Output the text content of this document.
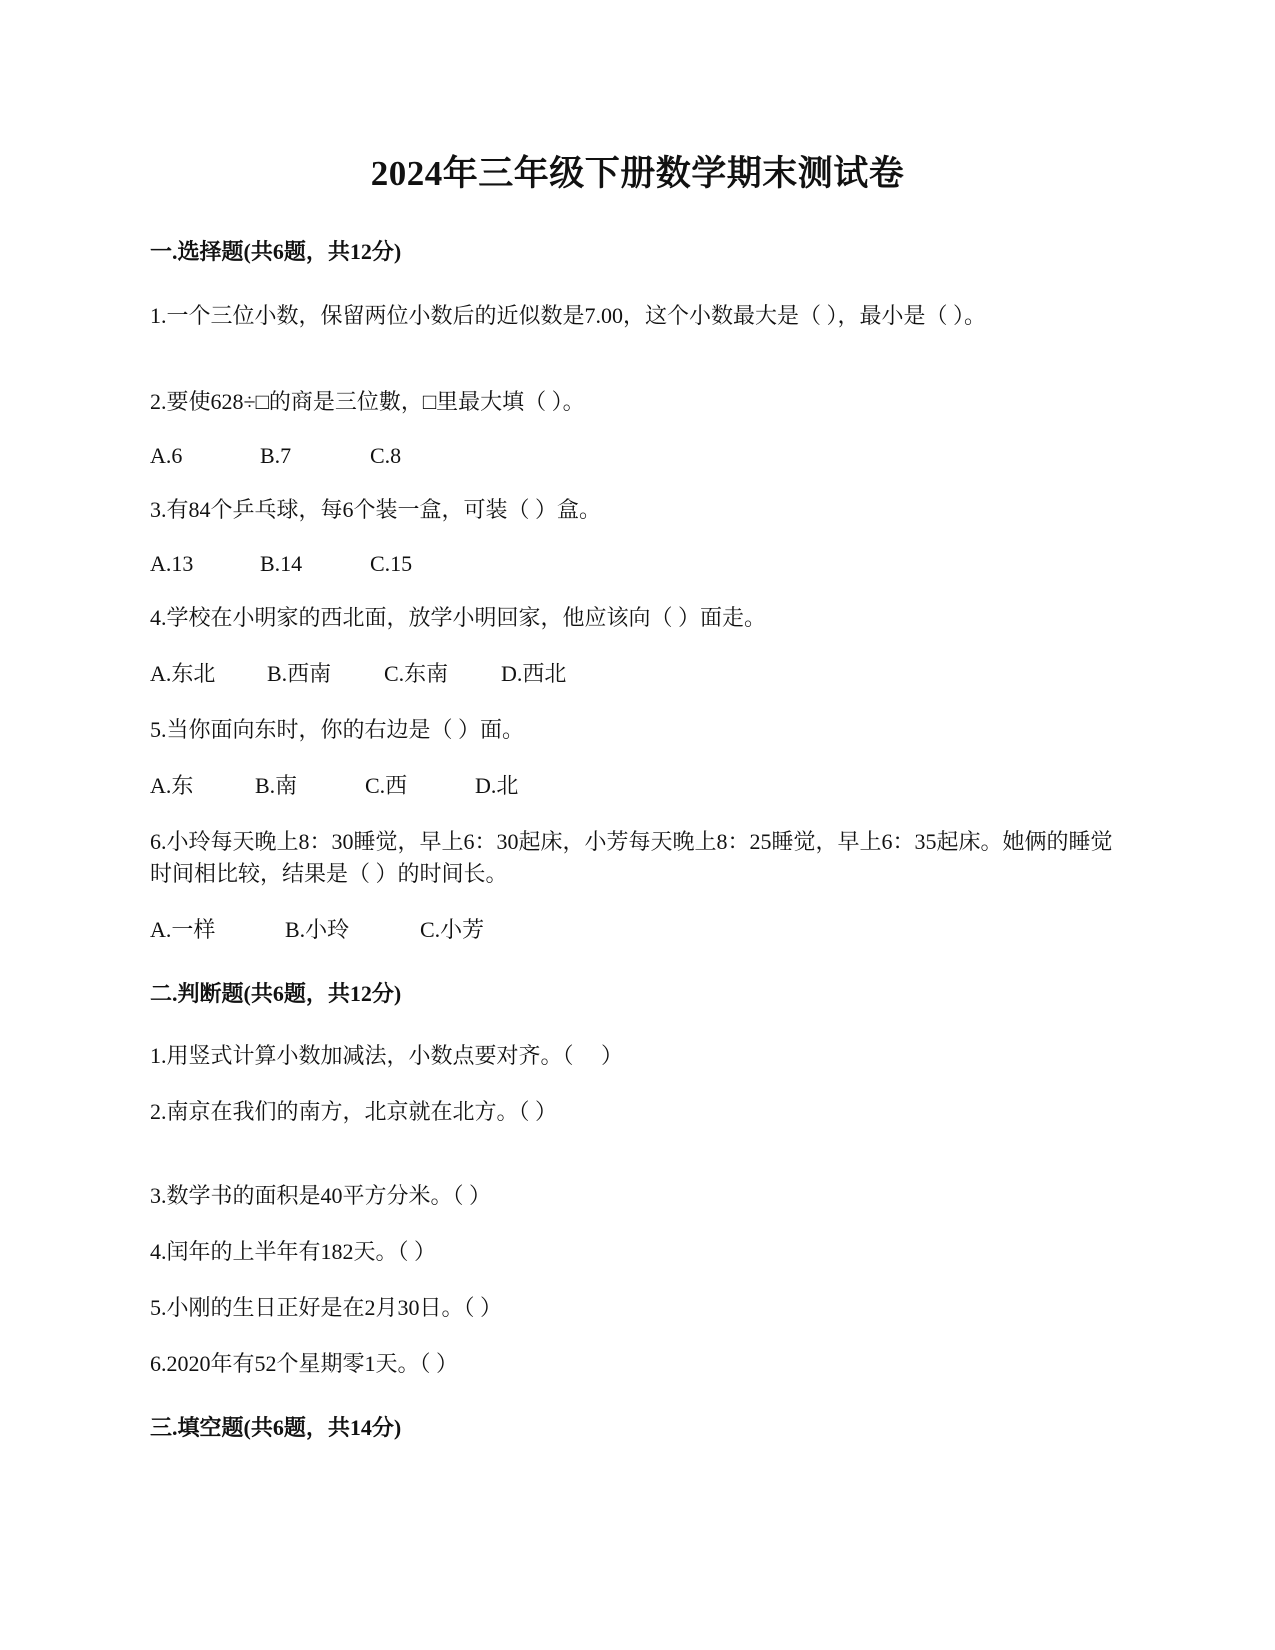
2024年三年级下册数学期末测试卷
一.选择题(共6题，共12分)
1.一个三位小数，保留两位小数后的近似数是7.00，这个小数最大是（ ），最小是（ ）。
2.要使628÷□的商是三位數，□里最大填（ ）。
A.6	B.7	C.8
3.有84个乒乓球，每6个装一盒，可装（ ）盒。
A.13	B.14	C.15
4.学校在小明家的西北面，放学小明回家，他应该向（ ）面走。
A.东北 B.西南 C.东南 D.西北
5.当你面向东时，你的右边是（ ）面。
A.东	B.南	C.西	D.北
6.小玲每天晚上8：30睡觉，早上6：30起床，小芳每天晚上8：25睡觉，早上6：35起床。她俩的睡觉时间相比较，结果是（ ）的时间长。
A.一样	B.小玲	C.小芳
二.判断题(共6题，共12分)
1.用竖式计算小数加减法，小数点要对齐。（　 ）
2.南京在我们的南方，北京就在北方。（ ）
3.数学书的面积是40平方分米。（ ）
4.闰年的上半年有182天。（ ）
5.小刚的生日正好是在2月30日。（ ）
6.2020年有52个星期零1天。（ ）
三.填空题(共6题，共14分)
